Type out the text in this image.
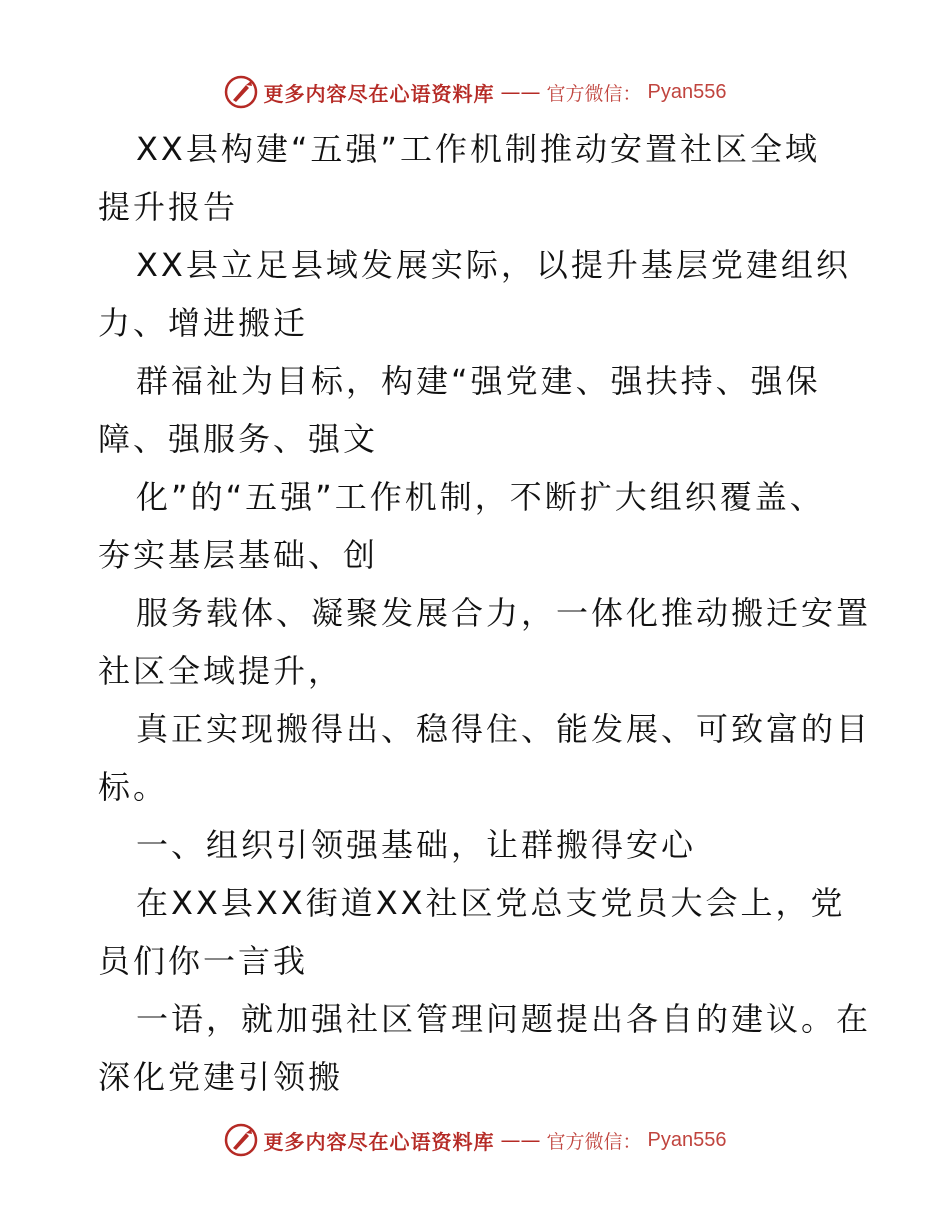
更多内容尽在心语资料库 —— 官方微信： Pyan556

XX县构建“五强”工作机制推动安置社区全域
提升报告

XX县立足县域发展实际，以提升基层党建组织
力、增进搬迁

群福祉为目标，构建“强党建、强扶持、强保
障、强服务、强文

化”的“五强”工作机制，不断扩大组织覆盖、
夯实基层基础、创

服务载体、凝聚发展合力，一体化推动搬迁安置
社区全域提升，

真正实现搬得出、稳得住、能发展、可致富的目
标。

一、组织引领强基础，让群搬得安心

在XX县XX街道XX社区党总支党员大会上，党
员们你一言我

一语，就加强社区管理问题提出各自的建议。在
深化党建引领搬

更多内容尽在心语资料库 —— 官方微信： Pyan556
